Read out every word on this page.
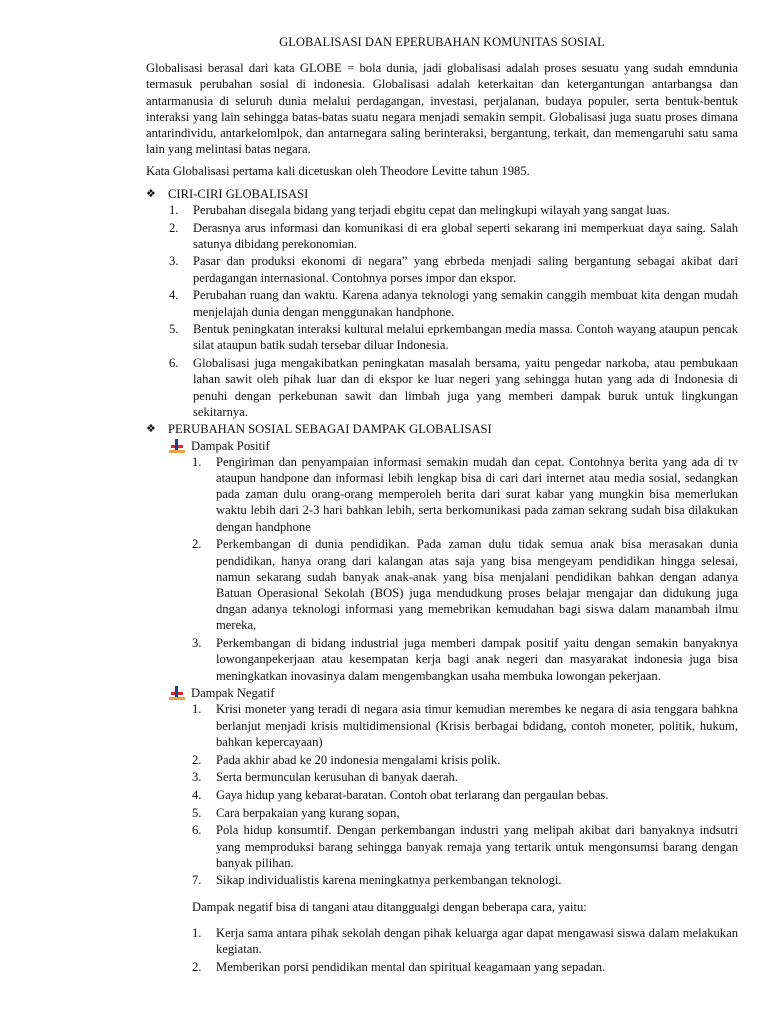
GLOBALISASI DAN EPERUBAHAN KOMUNITAS SOSIAL

Globalisasi berasal dari kata GLOBE = bola dunia, jadi globalisasi adalah proses sesuatu yang sudah emndunia termasuk perubahan sosial di indonesia. Globalisasi adalah keterkaitan dan ketergantungan antarbangsa dan antarmanusia di seluruh dunia melalui perdagangan, investasi, perjalanan, budaya populer, serta bentuk-bentuk interaksi yang lain sehingga batas-batas suatu negara menjadi semakin sempit. Globalisasi juga suatu proses dimana antarindividu, antarkelomlpok, dan antarnegara saling berinteraksi, bergantung, terkait, dan memengaruhi satu sama lain yang melintasi batas negara.

Kata Globalisasi pertama kali dicetuskan oleh Theodore Levitte tahun 1985.

❖ CIRI-CIRI GLOBALISASI
1. Perubahan disegala bidang yang terjadi ebgitu cepat dan melingkupi wilayah yang sangat luas.
2. Derasnya arus informasi dan komunikasi di era global seperti sekarang ini memperkuat daya saing. Salah satunya dibidang perekonomian.
3. Pasar dan produksi ekonomi di negara” yang ebrbeda menjadi saling bergantung sebagai akibat dari perdagangan internasional. Contohnya porses impor dan ekspor.
4. Perubahan ruang dan waktu. Karena adanya teknologi yang semakin canggih membuat kita dengan mudah menjelajah dunia dengan menggunakan handphone.
5. Bentuk peningkatan interaksi kultural melalui eprkembangan media massa. Contoh wayang ataupun pencak silat ataupun batik sudah tersebar diluar Indonesia.
6. Globalisasi juga mengakibatkan peningkatan masalah bersama, yaitu pengedar narkoba, atau pembukaan lahan sawit oleh pihak luar dan di ekspor ke luar negeri yang sehingga hutan yang ada di Indonesia di penuhi dengan perkebunan sawit dan limbah juga yang memberi dampak buruk untuk lingkungan sekitarnya.
❖ PERUBAHAN SOSIAL SEBAGAI DAMPAK GLOBALISASI
Dampak Positif
1. Pengiriman dan penyampaian informasi semakin mudah dan cepat. Contohnya berita yang ada di tv ataupun handpone dan informasi lebih lengkap bisa di cari dari internet atau media sosial, sedangkan pada zaman dulu orang-orang memperoleh berita dari surat kabar yang mungkin bisa memerlukan waktu lebih dari 2-3 hari bahkan lebih, serta berkomunikasi pada zaman sekrang sudah bisa dilakukan dengan handphone
2. Perkembangan di dunia pendidikan. Pada zaman dulu tidak semua anak bisa merasakan dunia pendidikan, hanya orang dari kalangan atas saja yang bisa mengeyam pendidikan hingga selesai, namun sekarang sudah banyak anak-anak yang bisa menjalani pendidikan bahkan dengan adanya Batuan Operasional Sekolah (BOS) juga mendudkung proses belajar mengajar dan didukung juga dngan adanya teknologi informasi yang memebrikan kemudahan bagi siswa dalam manambah ilmu mereka,
3. Perkembangan di bidang industrial juga memberi dampak positif yaitu dengan semakin banyaknya lowonganpekerjaan atau kesempatan kerja bagi anak negeri dan masyarakat indonesia juga bisa meningkatkan inovasinya dalam mengembangkan usaha membuka lowongan pekerjaan.
Dampak Negatif
1. Krisi moneter yang teradi di negara asia timur kemudian merembes ke negara di asia tenggara bahkna berlanjut menjadi krisis multidimensional (Krisis berbagai bdidang, contoh moneter, politik, hukum, bahkan kepercayaan)
2. Pada akhir abad ke 20 indonesia mengalami krisis polik.
3. Serta bermunculan kerusuhan di banyak daerah.
4. Gaya hidup yang kebarat-baratan. Contoh obat terlarang dan pergaulan bebas.
5. Cara berpakaian yang kurang sopan,
6. Pola hidup konsumtif. Dengan perkembangan industri yang melipah akibat dari banyaknya indsutri yang memproduksi barang sehingga banyak remaja yang tertarik untuk mengonsumsi barang dengan banyak pilihan.
7. Sikap individualistis karena meningkatnya perkembangan teknologi.

Dampak negatif bisa di tangani atau ditanggualgi dengan beberapa cara, yaitu:

1. Kerja sama antara pihak sekolah dengan pihak keluarga agar dapat mengawasi siswa dalam melakukan kegiatan.
2. Memberikan porsi pendidikan mental dan spiritual keagamaan yang sepadan.
